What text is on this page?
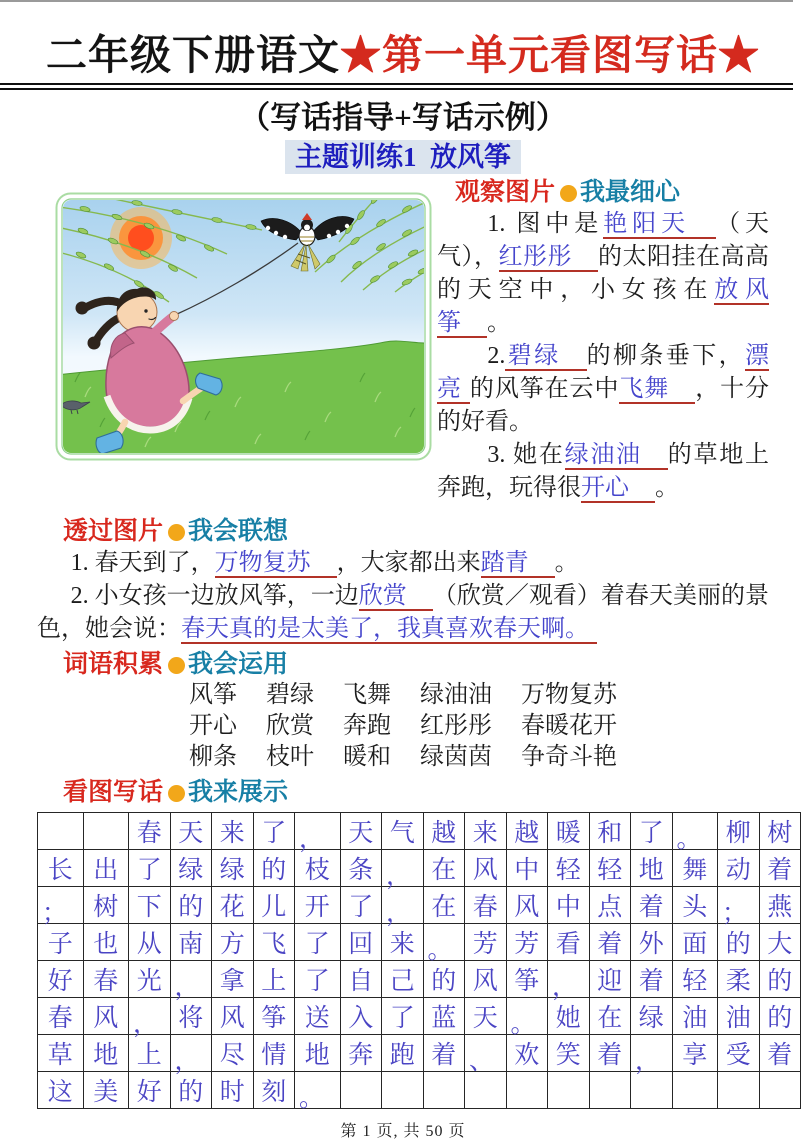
二年级下册语文★第一单元看图写话★
（写话指导+写话示例）
主题训练1  放风筝
观察图片 我最细心

1. 图中是艳阳天 （天气），红彤彤 的太阳挂在高高的天空中，小女孩在放风筝 。

2.碧绿 的柳条垂下，漂亮 的风筝在云中飞舞 ，十分的好看。

3. 她在绿油油 的草地上奔跑，玩得很开心 。

透过图片 我会联想

1. 春天到了，万物复苏 ，大家都出来踏青 。

2. 小女孩一边放风筝，一边欣赏 （欣赏／观看）着春天美丽的景色，她会说：春天真的是太美了，我真喜欢春天啊。

词语积累 我会运用
风筝 碧绿 飞舞 绿油油 万物复苏
开心 欣赏 奔跑 红彤彤 春暖花开
柳条 枝叶 暖和 绿茵茵 争奇斗艳
看图写话 我来展示
		春	天	来	了	，	天	气	越	来	越	暖	和	了	。	柳	树
长	出	了	绿	绿	的	枝	条	，	在	风	中	轻	轻	地	舞	动	着
；	树	下	的	花	儿	开	了	，	在	春	风	中	点	着	头	；	燕
子	也	从	南	方	飞	了	回	来	。	芳	芳	看	着	外	面	的	大
好	春	光	，	拿	上	了	自	己	的	风	筝	，	迎	着	轻	柔	的
春	风	，	将	风	筝	送	入	了	蓝	天	。	她	在	绿	油	油	的
草	地	上	，	尽	情	地	奔	跑	着	、	欢	笑	着	，	享	受	着
这	美	好	的	时	刻	。											
第 1 页, 共 50 页
